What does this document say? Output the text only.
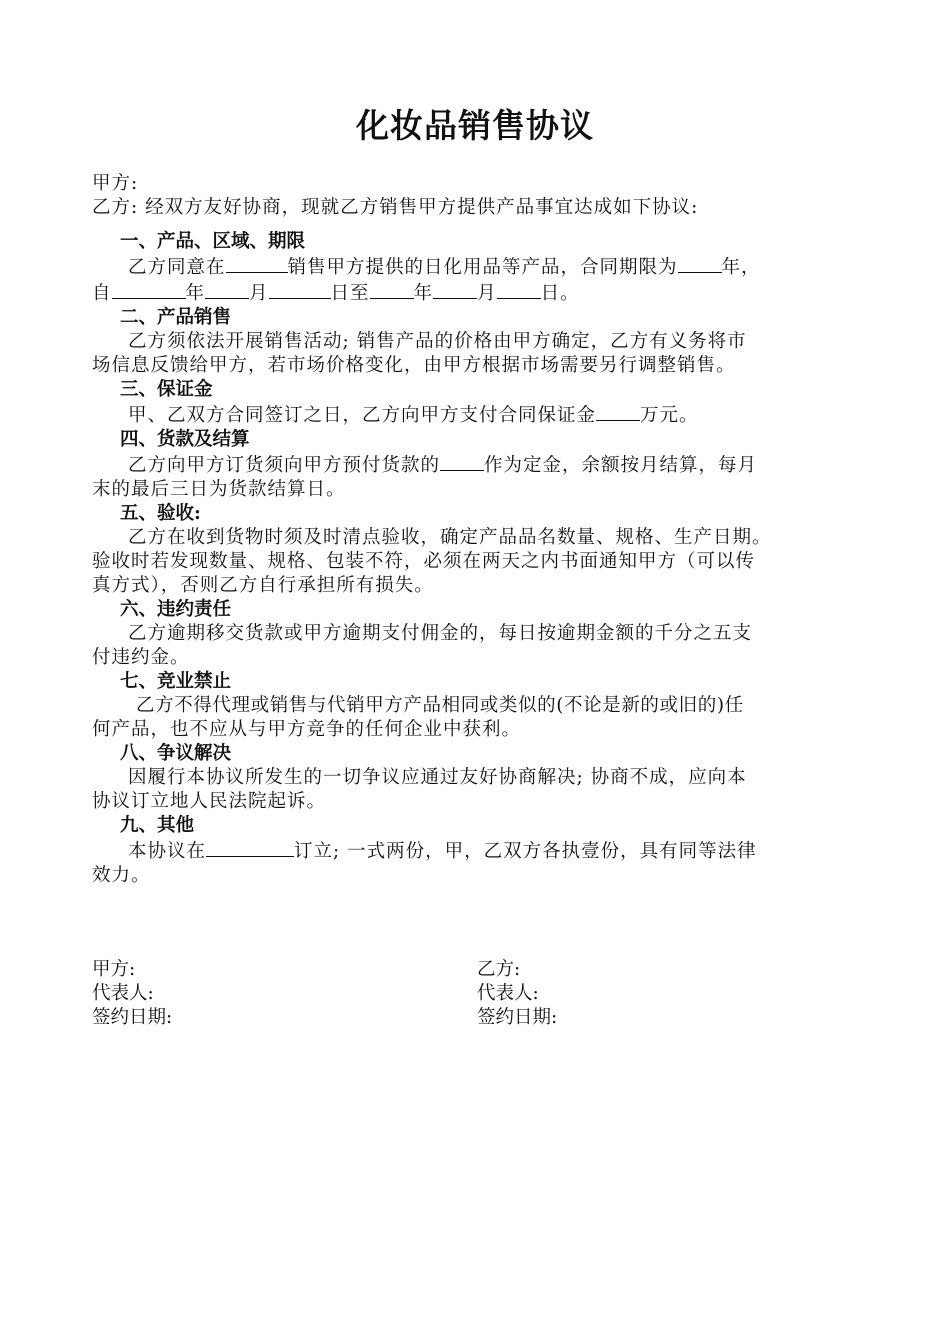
化妆品销售协议
甲方:
乙方: 经双方友好协商，现就乙方销售甲方提供产品事宜达成如下协议:
一、产品、区域、期限
乙方同意在	销售甲方提供的日化用品等产品，合同期限为 年，
自	年 月	日至 年 月 日。
二、产品销售
乙方须依法开展销售活动; 销售产品的价格由甲方确定，乙方有义务将市
场信息反馈给甲方，若市场价格变化，由甲方根据市场需要另行调整销售。
三、保证金
甲、乙双方合同签订之日，乙方向甲方支付合同保证金 万元。
四、货款及结算
乙方向甲方订货须向甲方预付货款的 作为定金，余额按月结算，每月
末的最后三日为货款结算日。
五、验收:
乙方在收到货物时须及时清点验收，确定产品品名数量、规格、生产日期。
验收时若发现数量、规格、包装不符，必须在两天之内书面通知甲方（可以传
真方式），否则乙方自行承担所有损失。
六、违约责任
乙方逾期移交货款或甲方逾期支付佣金的，每日按逾期金额的千分之五支
付违约金。
七、竞业禁止
乙方不得代理或销售与代销甲方产品相同或类似的(不论是新的或旧的)任
何产品，也不应从与甲方竞争的任何企业中获利。
八、争议解决
因履行本协议所发生的一切争议应通过友好协商解决; 协商不成，应向本
协议订立地人民法院起诉。
九、其他
本协议在	订立; 一式两份，甲，乙双方各执壹份，具有同等法律
效力。
甲方:
代表人:
签约日期:
乙方:
代表人:
签约日期:
